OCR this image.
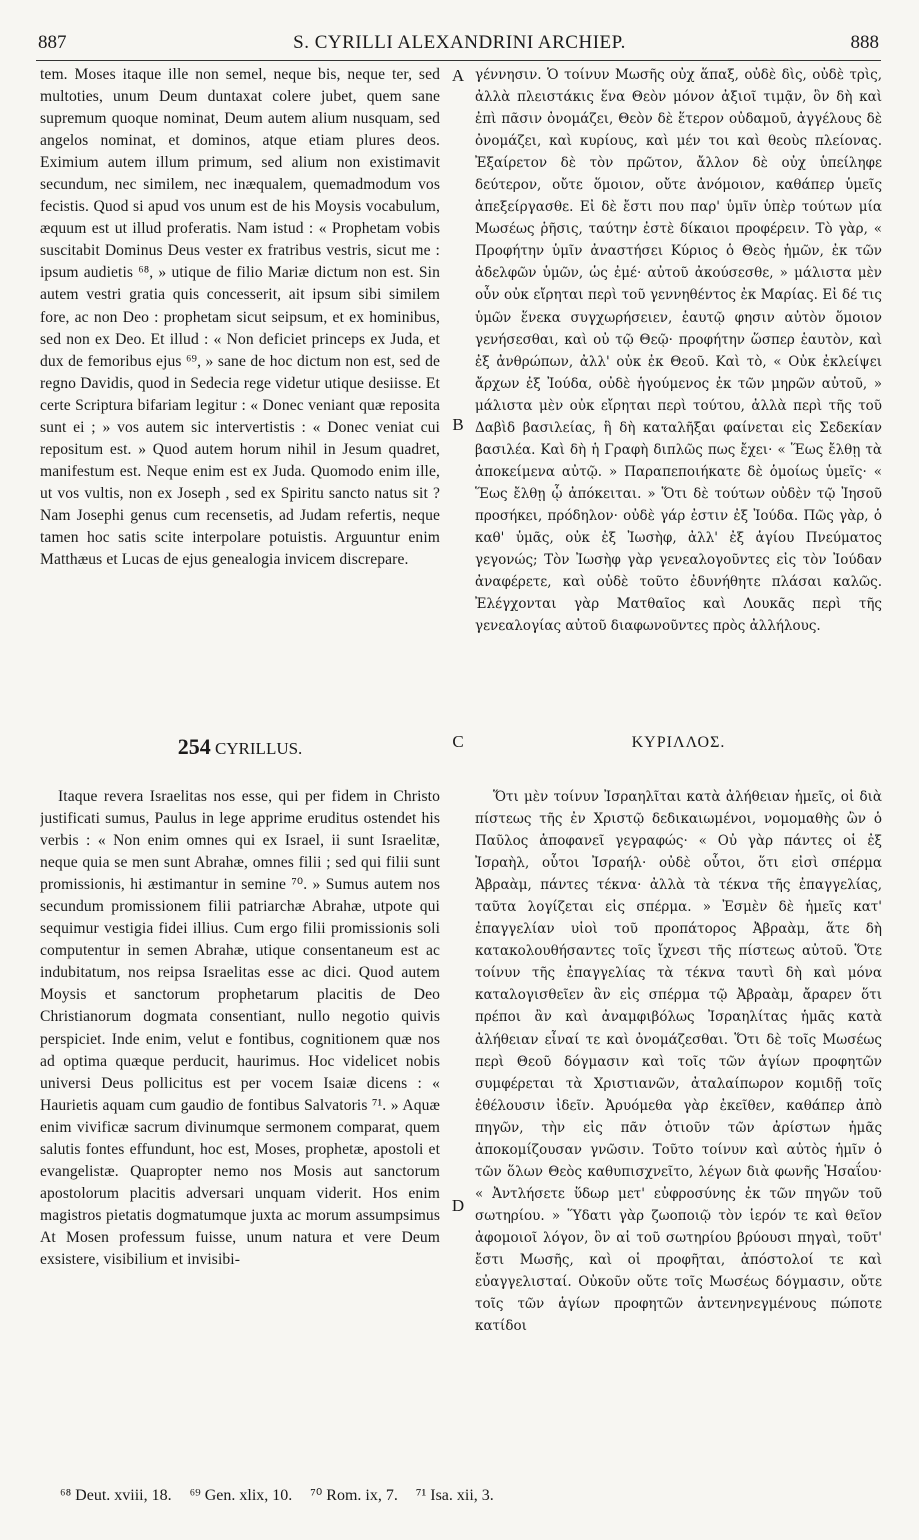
887	S. CYRILLI ALEXANDRINI ARCHIEP.	888
A
B
C
D

tem. Moses itaque ille non semel, neque bis, neque ter, sed multoties, unum Deum duntaxat colere jubet, quem sane supremum quoque nominat, Deum autem alium nusquam, sed angelos nominat, et dominos, atque etiam plures deos. Eximium autem illum primum, sed alium non existimavit secundum, nec similem, nec inæqualem, quemadmodum vos fecistis. Quod si apud vos unum est de his Moysis vocabulum, æquum est ut illud proferatis. Nam istud : « Prophetam vobis suscitabit Dominus Deus vester ex fratribus vestris, sicut me : ipsum audietis ⁶⁸, » utique de filio Mariæ dictum non est. Sin autem vestri gratia quis concesserit, ait ipsum sibi similem fore, ac non Deo : prophetam sicut seipsum, et ex hominibus, sed non ex Deo. Et illud : « Non deficiet princeps ex Juda, et dux de femoribus ejus ⁶⁹, » sane de hoc dictum non est, sed de regno Davidis, quod in Sedecia rege videtur utique desiisse. Et certe Scriptura bifariam legitur : « Donec veniant quæ reposita sunt ei ; » vos autem sic intervertistis : « Donec veniat cui repositum est. » Quod autem horum nihil in Jesum quadret, manifestum est. Neque enim est ex Juda. Quomodo enim ille, ut vos vultis, non ex Joseph , sed ex Spiritu sancto natus sit ? Nam Josephi genus cum recensetis, ad Judam refertis, neque tamen hoc satis scite interpolare potuistis. Arguuntur enim Matthæus et Lucas de ejus genealogia invicem discrepare.

γέννησιν. Ὁ τοίνυν Μωσῆς οὐχ ἅπαξ, οὐδὲ δὶς, οὐδὲ τρὶς, ἀλλὰ πλειστάκις ἕνα Θεὸν μόνον ἀξιοῖ τιμᾷν, ὃν δὴ καὶ ἐπὶ πᾶσιν ὀνομάζει, Θεὸν δὲ ἕτερον οὐδαμοῦ, ἀγγέλους δὲ ὀνομάζει, καὶ κυρίους, καὶ μέν τοι καὶ θεοὺς πλείονας. Ἐξαίρετον δὲ τὸν πρῶτον, ἄλλον δὲ οὐχ ὑπείληφε δεύτερον, οὔτε ὅμοιον, οὔτε ἀνόμοιον, καθάπερ ὑμεῖς ἀπεξείργασθε. Εἰ δὲ ἔστι που παρ' ὑμῖν ὑπὲρ τούτων μία Μωσέως ῥῆσις, ταύτην ἐστὲ δίκαιοι προφέρειν. Τὸ γὰρ, « Προφήτην ὑμῖν ἀναστήσει Κύριος ὁ Θεὸς ἡμῶν, ἐκ τῶν ἀδελφῶν ὑμῶν, ὡς ἐμέ· αὐτοῦ ἀκούσεσθε, » μάλιστα μὲν οὖν οὐκ εἴρηται περὶ τοῦ γεννηθέντος ἐκ Μαρίας. Εἰ δέ τις ὑμῶν ἕνεκα συγχωρήσειεν, ἑαυτῷ φησιν αὐτὸν ὅμοιον γενήσεσθαι, καὶ οὐ τῷ Θεῷ· προφήτην ὥσπερ ἑαυτὸν, καὶ ἐξ ἀνθρώπων, ἀλλ' οὐκ ἐκ Θεοῦ. Καὶ τὸ, « Οὐκ ἐκλείψει ἄρχων ἐξ Ἰούδα, οὐδὲ ἡγούμενος ἐκ τῶν μηρῶν αὐτοῦ, » μάλιστα μὲν οὐκ εἴρηται περὶ τούτου, ἀλλὰ περὶ τῆς τοῦ Δαβὶδ βασιλείας, ἣ δὴ καταλῆξαι φαίνεται εἰς Σεδεκίαν βασιλέα. Καὶ δὴ ἡ Γραφὴ διπλῶς πως ἔχει· « Ἕως ἔλθῃ τὰ ἀποκείμενα αὐτῷ. » Παραπεποιήκατε δὲ ὁμοίως ὑμεῖς· « Ἕως ἔλθῃ ᾧ ἀπόκειται. » Ὅτι δὲ τούτων οὐδὲν τῷ Ἰησοῦ προσήκει, πρόδηλον· οὐδὲ γάρ ἐστιν ἐξ Ἰούδα. Πῶς γὰρ, ὁ καθ' ὑμᾶς, οὐκ ἐξ Ἰωσὴφ, ἀλλ' ἐξ ἁγίου Πνεύματος γεγονώς; Τὸν Ἰωσὴφ γὰρ γενεαλογοῦντες εἰς τὸν Ἰούδαν ἀναφέρετε, καὶ οὐδὲ τοῦτο ἐδυνήθητε πλάσαι καλῶς. Ἐλέγχονται γὰρ Ματθαῖος καὶ Λουκᾶς περὶ τῆς γενεαλογίας αὐτοῦ διαφωνοῦντες πρὸς ἀλλήλους.

254 CYRILLUS.	ΚΥΡΙΛΛΟΣ.

Itaque revera Israelitas nos esse, qui per fidem in Christo justificati sumus, Paulus in lege apprime eruditus ostendet his verbis : « Non enim omnes qui ex Israel, ii sunt Israelitæ, neque quia se men sunt Abrahæ, omnes filii ; sed qui filii sunt promissionis, hi æstimantur in semine ⁷⁰. » Sumus autem nos secundum promissionem filii patriarchæ Abrahæ, utpote qui sequimur vestigia fidei illius. Cum ergo filii promissionis soli computentur in semen Abrahæ, utique consentaneum est ac indubitatum, nos reipsa Israelitas esse ac dici. Quod autem Moysis et sanctorum prophetarum placitis de Deo Christianorum dogmata consentiant, nullo negotio quivis perspiciet. Inde enim, velut e fontibus, cognitionem quæ nos ad optima quæque perducit, haurimus. Hoc videlicet nobis universi Deus pollicitus est per vocem Isaiæ dicens : « Haurietis aquam cum gaudio de fontibus Salvatoris ⁷¹. » Aquæ enim vivificæ sacrum divinumque sermonem comparat, quem salutis fontes effundunt, hoc est, Moses, prophetæ, apostoli et evangelistæ. Quapropter nemo nos Mosis aut sanctorum apostolorum placitis adversari unquam viderit. Hos enim magistros pietatis dogmatumque juxta ac morum assumpsimus At Mosen professum fuisse, unum natura et vere Deum exsistere, visibilium et invisibi-

Ὅτι μὲν τοίνυν Ἰσραηλῖται κατὰ ἀλήθειαν ἡμεῖς, οἱ διὰ πίστεως τῆς ἐν Χριστῷ δεδικαιωμένοι, νομομαθὴς ὢν ὁ Παῦλος ἀποφανεῖ γεγραφώς· « Οὐ γὰρ πάντες οἱ ἐξ Ἰσραὴλ, οὗτοι Ἰσραήλ· οὐδὲ οὗτοι, ὅτι εἰσὶ σπέρμα Ἀβραὰμ, πάντες τέκνα· ἀλλὰ τὰ τέκνα τῆς ἐπαγγελίας, ταῦτα λογίζεται εἰς σπέρμα. » Ἐσμὲν δὲ ἡμεῖς κατ' ἐπαγγελίαν υἱοὶ τοῦ προπάτορος Ἀβραὰμ, ἅτε δὴ κατακολουθήσαντες τοῖς ἴχνεσι τῆς πίστεως αὐτοῦ. Ὅτε τοίνυν τῆς ἐπαγγελίας τὰ τέκνα ταυτὶ δὴ καὶ μόνα καταλογισθεῖεν ἂν εἰς σπέρμα τῷ Ἀβραὰμ, ἄραρεν ὅτι πρέποι ἂν καὶ ἀναμφιβόλως Ἰσραηλίτας ἡμᾶς κατὰ ἀλήθειαν εἶναί τε καὶ ὀνομάζεσθαι. Ὅτι δὲ τοῖς Μωσέως περὶ Θεοῦ δόγμασιν καὶ τοῖς τῶν ἁγίων προφητῶν συμφέρεται τὰ Χριστιανῶν, ἀταλαίπωρον κομιδῇ τοῖς ἐθέλουσιν ἰδεῖν. Ἀρυόμεθα γὰρ ἐκεῖθεν, καθάπερ ἀπὸ πηγῶν, τὴν εἰς πᾶν ὁτιοῦν τῶν ἀρίστων ἡμᾶς ἀποκομίζουσαν γνῶσιν. Τοῦτο τοίνυν καὶ αὐτὸς ἡμῖν ὁ τῶν ὅλων Θεὸς καθυπισχνεῖτο, λέγων διὰ φωνῆς Ἡσαΐου· « Ἀντλήσετε ὕδωρ μετ' εὐφροσύνης ἐκ τῶν πηγῶν τοῦ σωτηρίου. » Ὕδατι γὰρ ζωοποιῷ τὸν ἱερόν τε καὶ θεῖον ἀφομοιοῖ λόγον, ὃν αἱ τοῦ σωτηρίου βρύουσι πηγαὶ, τοῦτ' ἔστι Μωσῆς, καὶ οἱ προφῆται, ἀπόστολοί τε καὶ εὐαγγελισταί. Οὐκοῦν οὔτε τοῖς Μωσέως δόγμασιν, οὔτε τοῖς τῶν ἁγίων προφητῶν ἀντενηνεγμένους πώποτε κατίδοι

⁶⁸ Deut. xviii, 18. ⁶⁹ Gen. xlix, 10. ⁷⁰ Rom. ix, 7. ⁷¹ Isa. xii, 3.
